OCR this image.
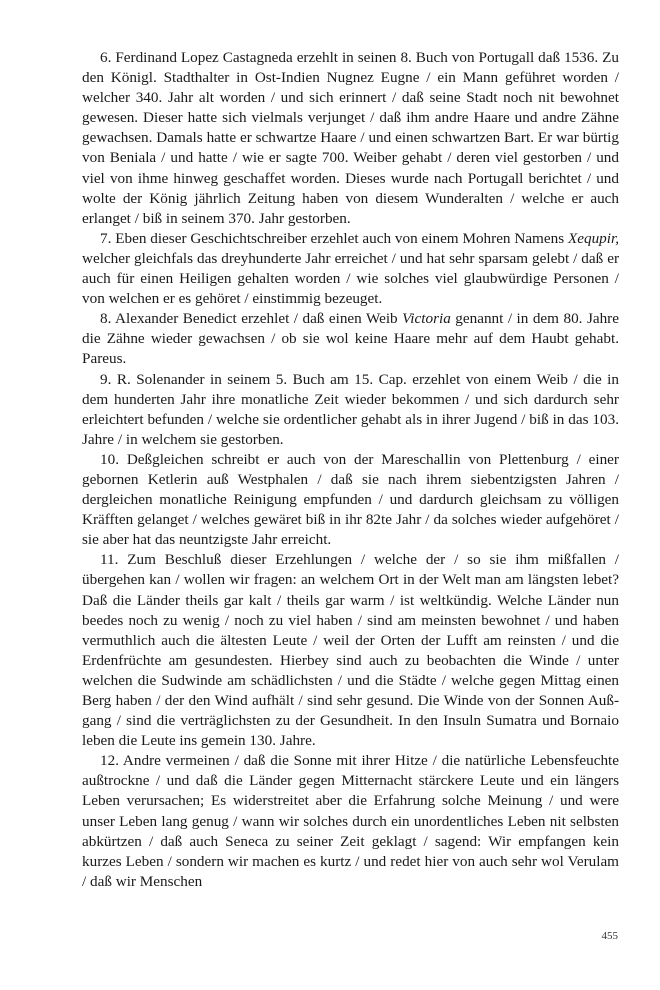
6. Ferdinand Lopez Castagneda erzehlt in seinen 8. Buch von Portugall daß 1536. Zu den Königl. Stadthalter in Ost-Indien Nugnez Eugne / ein Mann geführet worden / welcher 340. Jahr alt worden / und sich erinnert / daß seine Stadt noch nit bewohnet gewesen. Dieser hatte sich vielmals verjunget / daß ihm andre Haare und andre Zähne gewachsen. Damals hatte er schwartze Haare / und einen schwartzen Bart. Er war bürtig von Beniala / und hatte / wie er sagte 700. Weiber gehabt / deren viel gestorben / und viel von ihme hinweg geschaffet worden. Dieses wurde nach Portugall berichtet / und wolte der König jährlich Zeitung haben von diesem Wunderalten / welche er auch erlanget / biß in seinem 370. Jahr gestorben.

7. Eben dieser Geschichtschreiber erzehlet auch von einem Mohren Namens Xequpir, welcher gleichfals das dreyhunderte Jahr erreichet / und hat sehr sparsam gelebt / daß er auch für einen Heiligen gehalten worden / wie solches viel glaubwürdige Personen / von welchen er es gehöret / einstimmig bezeuget.

8. Alexander Benedict erzehlet / daß einen Weib Victoria genannt / in dem 80. Jahre die Zähne wieder gewachsen / ob sie wol keine Haare mehr auf dem Haubt gehabt. Pareus.

9. R. Solenander in seinem 5. Buch am 15. Cap. erzehlet von einem Weib / die in dem hunderten Jahr ihre monatliche Zeit wieder bekommen / und sich dardurch sehr erleichtert befunden / welche sie ordentlicher gehabt als in ihrer Jugend / biß in das 103. Jahre / in welchem sie gestorben.

10. Deßgleichen schreibt er auch von der Mareschallin von Plettenburg / einer gebornen Ketlerin auß Westphalen / daß sie nach ihrem siebentzigsten Jahren / dergleichen monatliche Reinigung empfunden / und dardurch gleichsam zu völligen Kräfften gelanget / welches gewäret biß in ihr 82te Jahr / da solches wieder aufgehöret / sie aber hat das neuntzigste Jahr erreicht.

11. Zum Beschluß dieser Erzehlungen / welche der / so sie ihm mißfallen / übergehen kan / wollen wir fragen: an welchem Ort in der Welt man am längsten lebet? Daß die Länder theils gar kalt / theils gar warm / ist weltkündig. Welche Länder nun beedes noch zu wenig / noch zu viel haben / sind am meinsten bewohnet / und haben vermuthlich auch die ältesten Leute / weil der Orten der Lufft am reinsten / und die Erdenfrüchte am gesundesten. Hierbey sind auch zu beobachten die Winde / unter welchen die Sudwinde am schädlichsten / und die Städte / welche gegen Mittag einen Berg haben / der den Wind aufhält / sind sehr gesund. Die Winde von der Sonnen Außgang / sind die verträglichsten zu der Gesundheit. In den Insuln Sumatra und Bornaio leben die Leute ins gemein 130. Jahre.

12. Andre vermeinen / daß die Sonne mit ihrer Hitze / die natürliche Lebensfeuchte außtrockne / und daß die Länder gegen Mitternacht stärckere Leute und ein längers Leben verursachen; Es widerstreitet aber die Erfahrung solche Meinung / und were unser Leben lang genug / wann wir solches durch ein unordentliches Leben nit selbsten abkürtzen / daß auch Seneca zu seiner Zeit geklagt / sagend: Wir empfangen kein kurzes Leben / sondern wir machen es kurtz / und redet hier von auch sehr wol Verulam / daß wir Menschen

455
